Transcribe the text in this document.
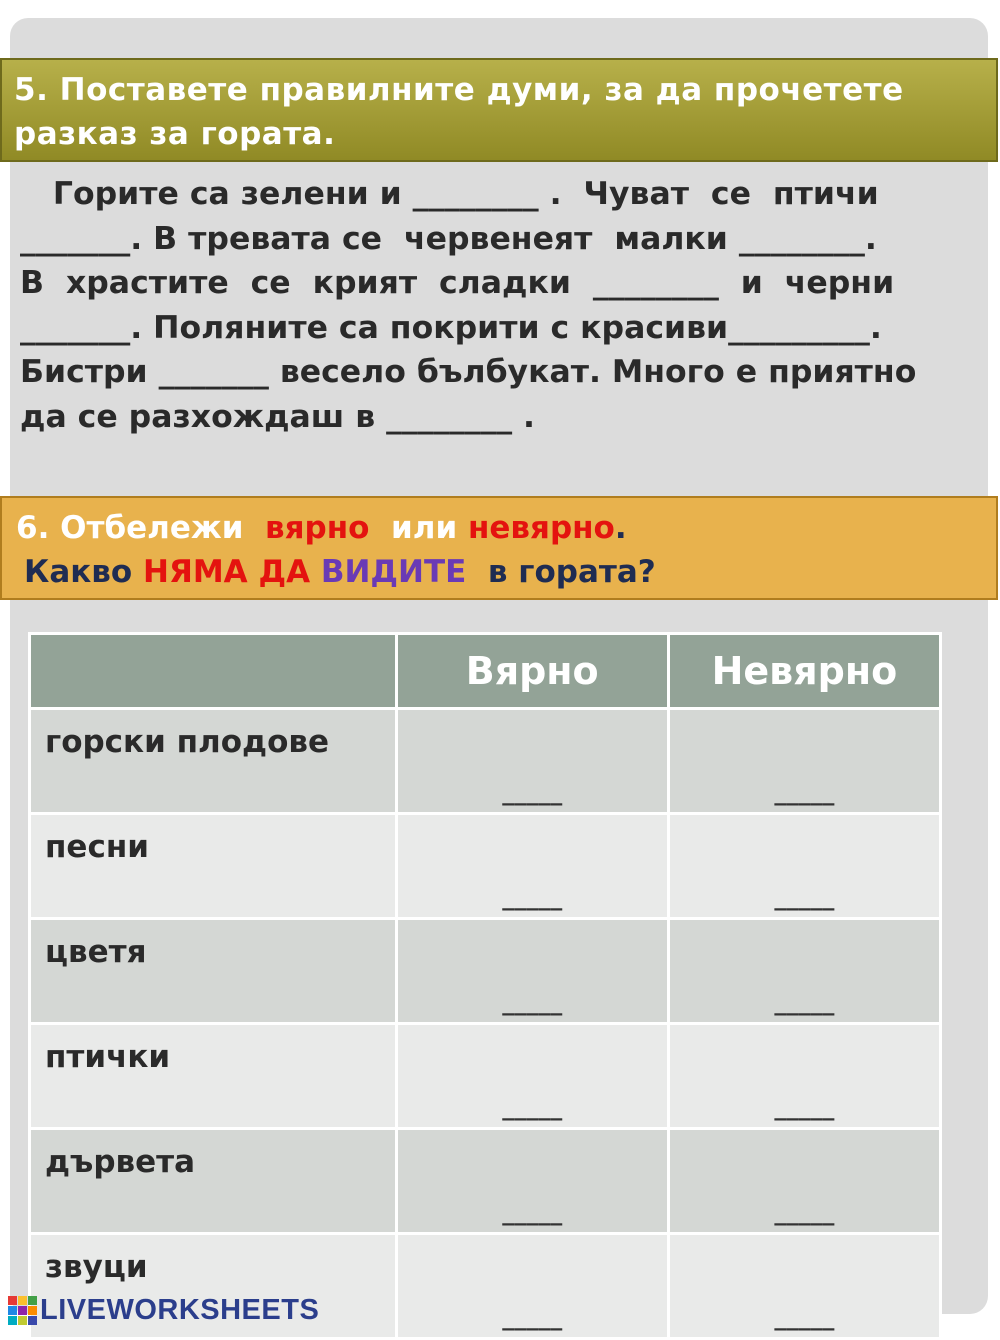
5. Поставете правилните думи, за да прочетете
разказ за гората.
Горите са зелени и ________ .  Чуват  се  птичи
_______. В тревата се  червенеят  малки ________.
В  храстите  се  крият  сладки  ________  и  черни
_______. Поляните са покрити с красиви_________.
Бистри _______ весело бълбукат. Много е приятно
да се разхождаш в ________ .
6. Отбележи  вярно  или невярно.
Какво НЯМА ДА ВИДИТЕ  в гората?
	Вярно	Невярно
горски плодове	_____	_____

песни	_____	_____

цветя	_____	_____

птички	_____	_____

дървета	_____	_____

звуци	_____	_____
LIVEWORKSHEETS
